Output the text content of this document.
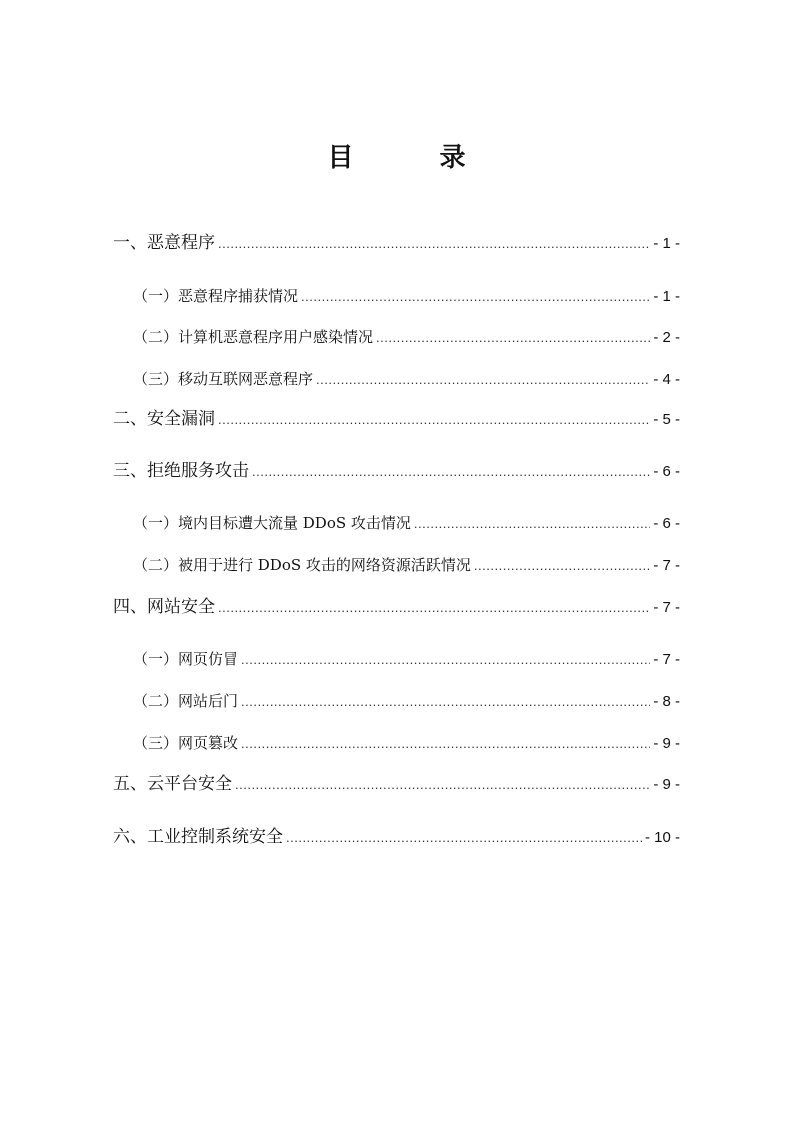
目　录
一、 恶意程序 .....	- 1 -
（一） 恶意程序捕获情况 .....	- 1 -
（二） 计算机恶意程序用户感染情况 .....	- 2 -
（三） 移动互联网恶意程序 .....	- 4 -
二、 安全漏洞 .....	- 5 -
三、 拒绝服务攻击 .....	- 6 -
（一） 境内目标遭大流量 DDoS 攻击情况 .....	- 6 -
（二） 被用于进行 DDoS 攻击的网络资源活跃情况 .....	- 7 -
四、 网站安全 .....	- 7 -
（一） 网页仿冒 .....	- 7 -
（二） 网站后门 .....	- 8 -
（三） 网页篡改 .....	- 9 -
五、 云平台安全 .....	- 9 -
六、 工业控制系统安全 .....	- 10 -
